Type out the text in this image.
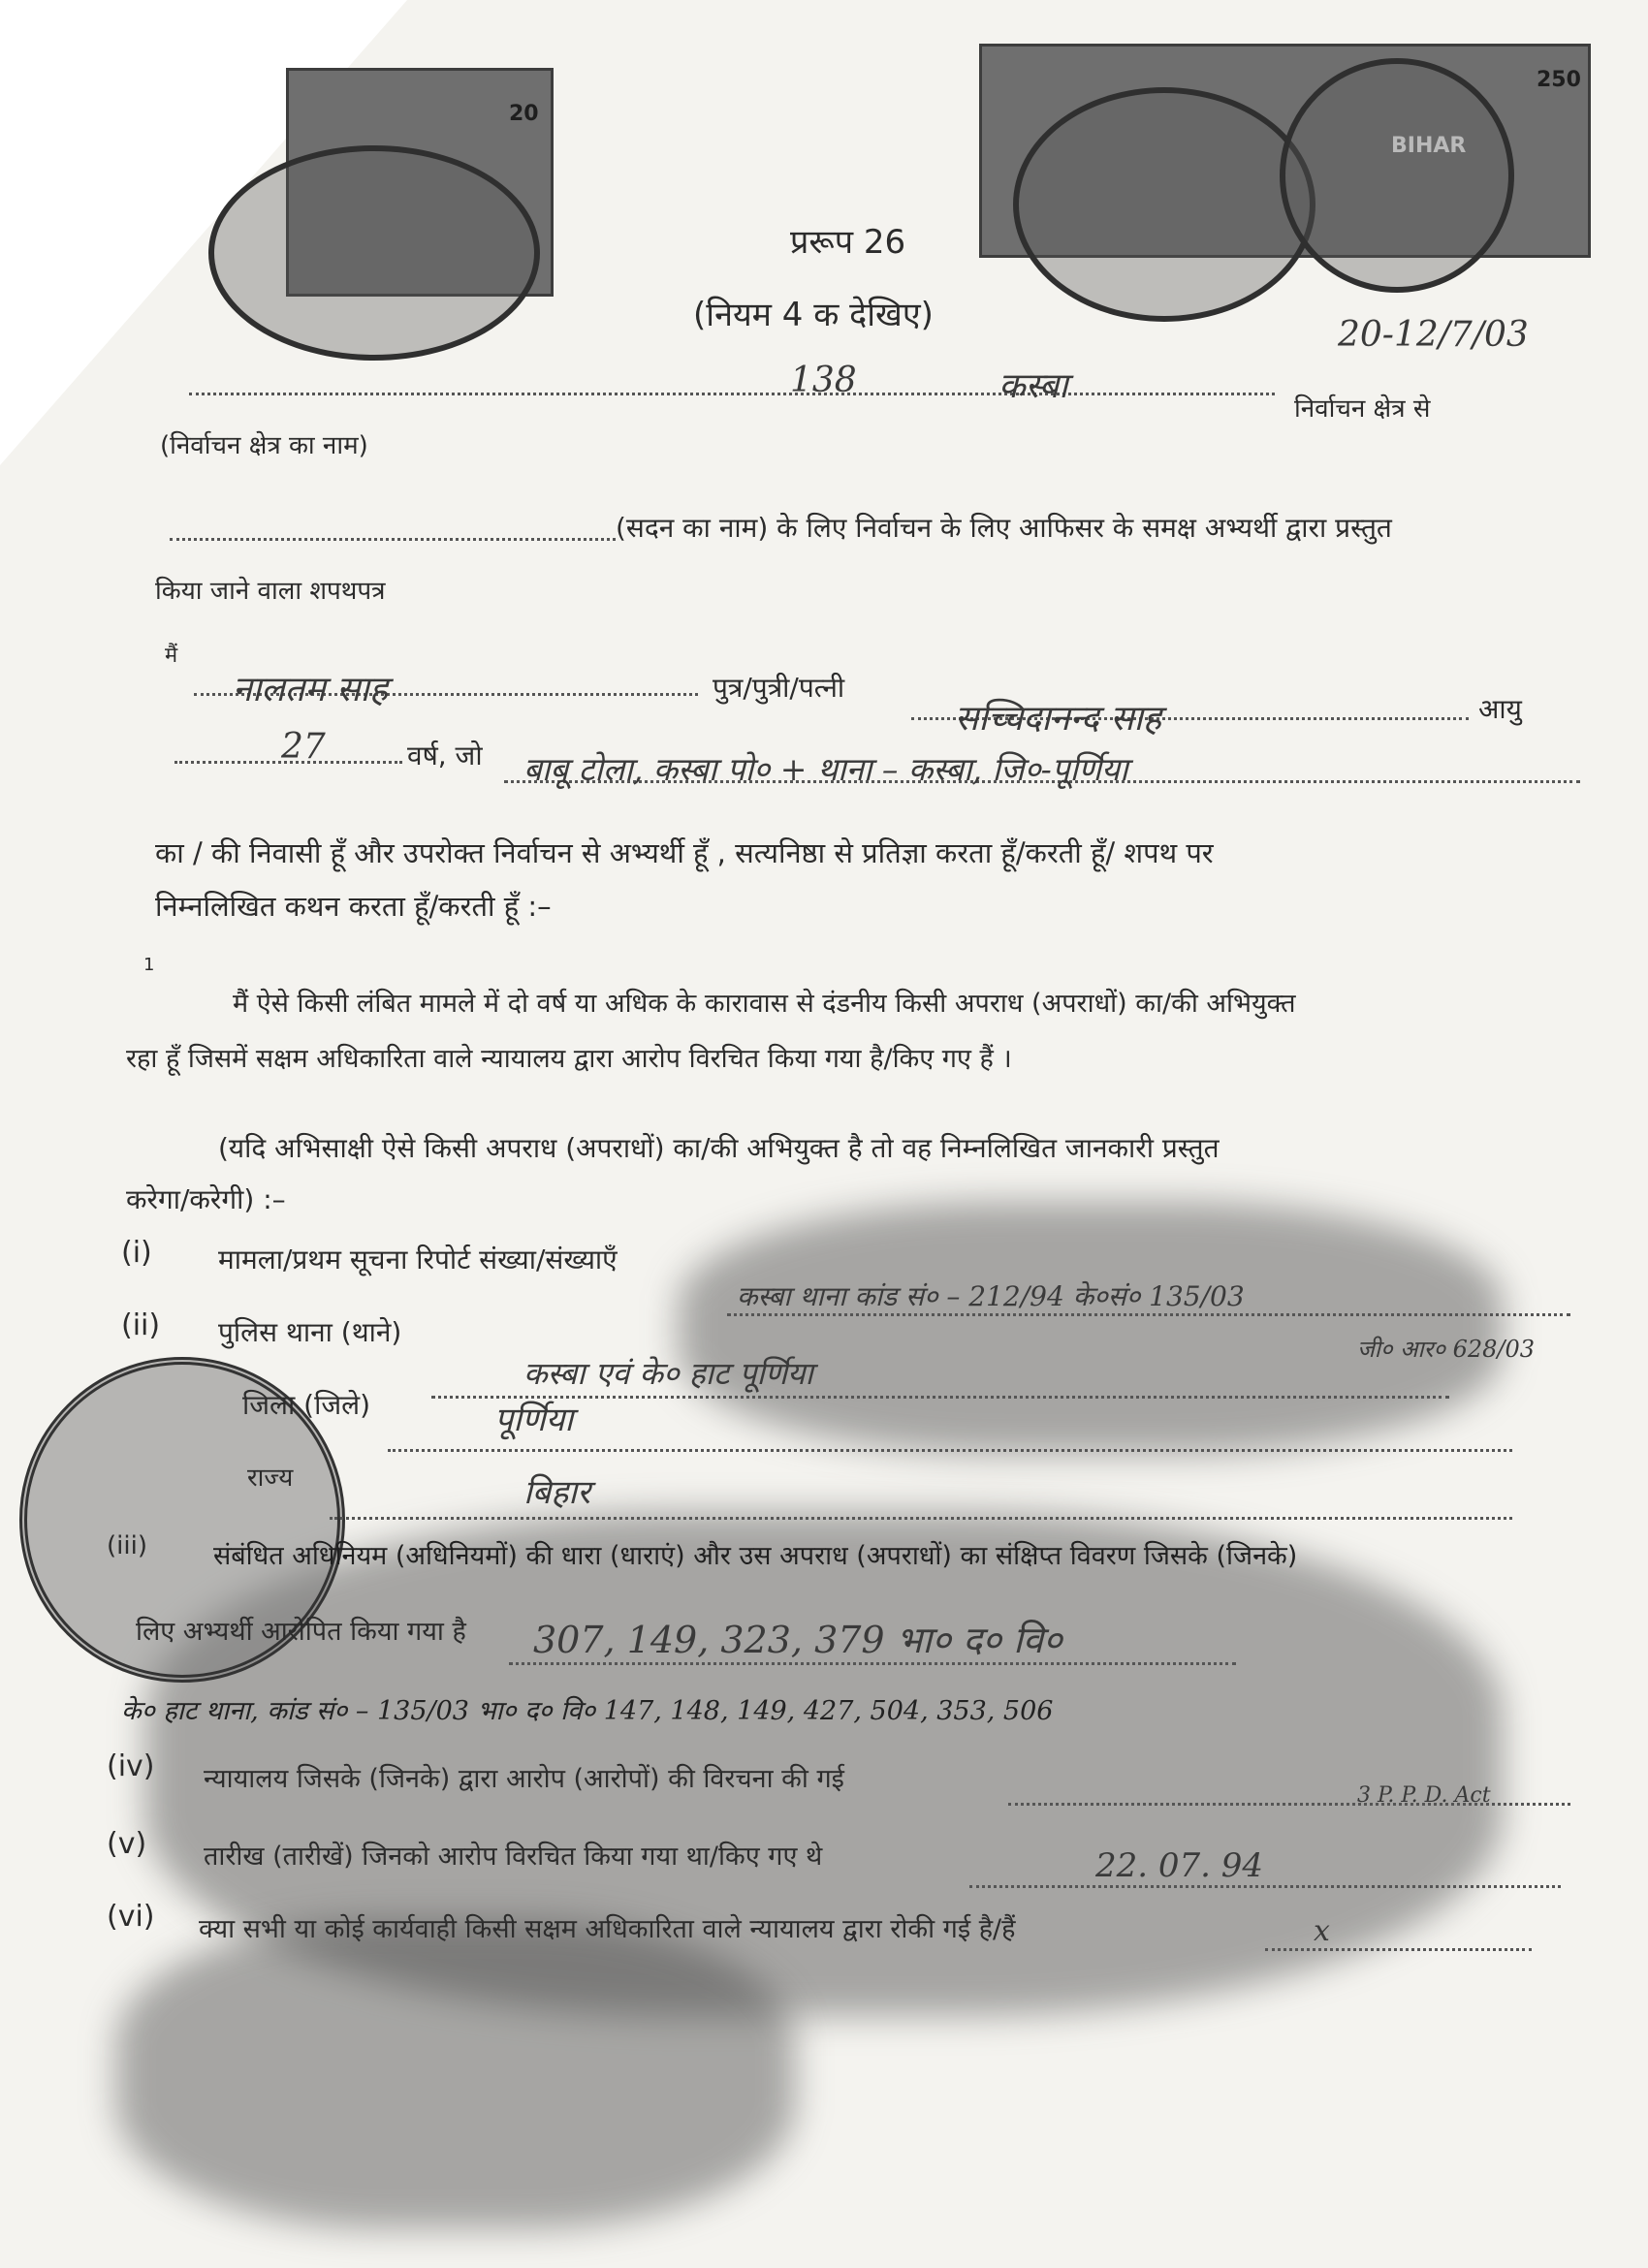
20
250
BIHAR
प्ररूप 26
(नियम 4 क देखिए)	20-12/7/03
138	कस्बा
निर्वाचन क्षेत्र से
(निर्वाचन क्षेत्र का नाम)
(सदन का नाम) के लिए निर्वाचन के लिए आफिसर के समक्ष अभ्यर्थी द्वारा प्रस्तुत
किया जाने वाला शपथपत्र
मैं
नालतम साह	पुत्र/पुत्री/पत्नी
सच्चिदानन्द साह	आयु
27	वर्ष, जो बाबू टोला, कस्बा पो० + थाना – कस्बा, जि०-पूर्णिया
का / की निवासी हूँ और उपरोक्त निर्वाचन से अभ्यर्थी हूँ , सत्यनिष्ठा से प्रतिज्ञा करता हूँ/करती हूँ/ शपथ पर
निम्नलिखित कथन करता हूँ/करती हूँ :–
1
मैं ऐसे किसी लंबित मामले में दो वर्ष या अधिक के कारावास से दंडनीय किसी अपराध (अपराधों) का/की अभियुक्त
रहा हूँ जिसमें सक्षम अधिकारिता वाले न्यायालय द्वारा आरोप विरचित किया गया है/किए गए हैं ।
(यदि अभिसाक्षी ऐसे किसी अपराध (अपराधों) का/की अभियुक्त है तो वह निम्नलिखित जानकारी प्रस्तुत
करेगा/करेगी) :–
(i) मामला/प्रथम सूचना रिपोर्ट संख्या/संख्याएँ
कस्बा थाना कांड सं० – 212/94 के०सं० 135/03
जी० आर० 628/03
(ii) पुलिस थाना (थाने)
कस्बा एवं के० हाट पूर्णिया
जिला (जिले)	पूर्णिया
राज्य	बिहार
(iii)	संबंधित अधिनियम (अधिनियमों) की धारा (धाराएं) और उस अपराध (अपराधों) का संक्षिप्त विवरण जिसके (जिनके)
लिए अभ्यर्थी आरोपित किया गया है 307, 149, 323, 379 भा० द० वि०
के० हाट थाना, कांड सं० – 135/03 भा० द० वि० 147, 148, 149, 427, 504, 353, 506
(iv) न्यायालय जिसके (जिनके) द्वारा आरोप (आरोपों) की विरचना की गई
3 P. P. D. Act
(v) तारीख (तारीखें) जिनको आरोप विरचित किया गया था/किए गए थे	22. 07. 94
(vi) क्या सभी या कोई कार्यवाही किसी सक्षम अधिकारिता वाले न्यायालय द्वारा रोकी गई है/हैं	x
